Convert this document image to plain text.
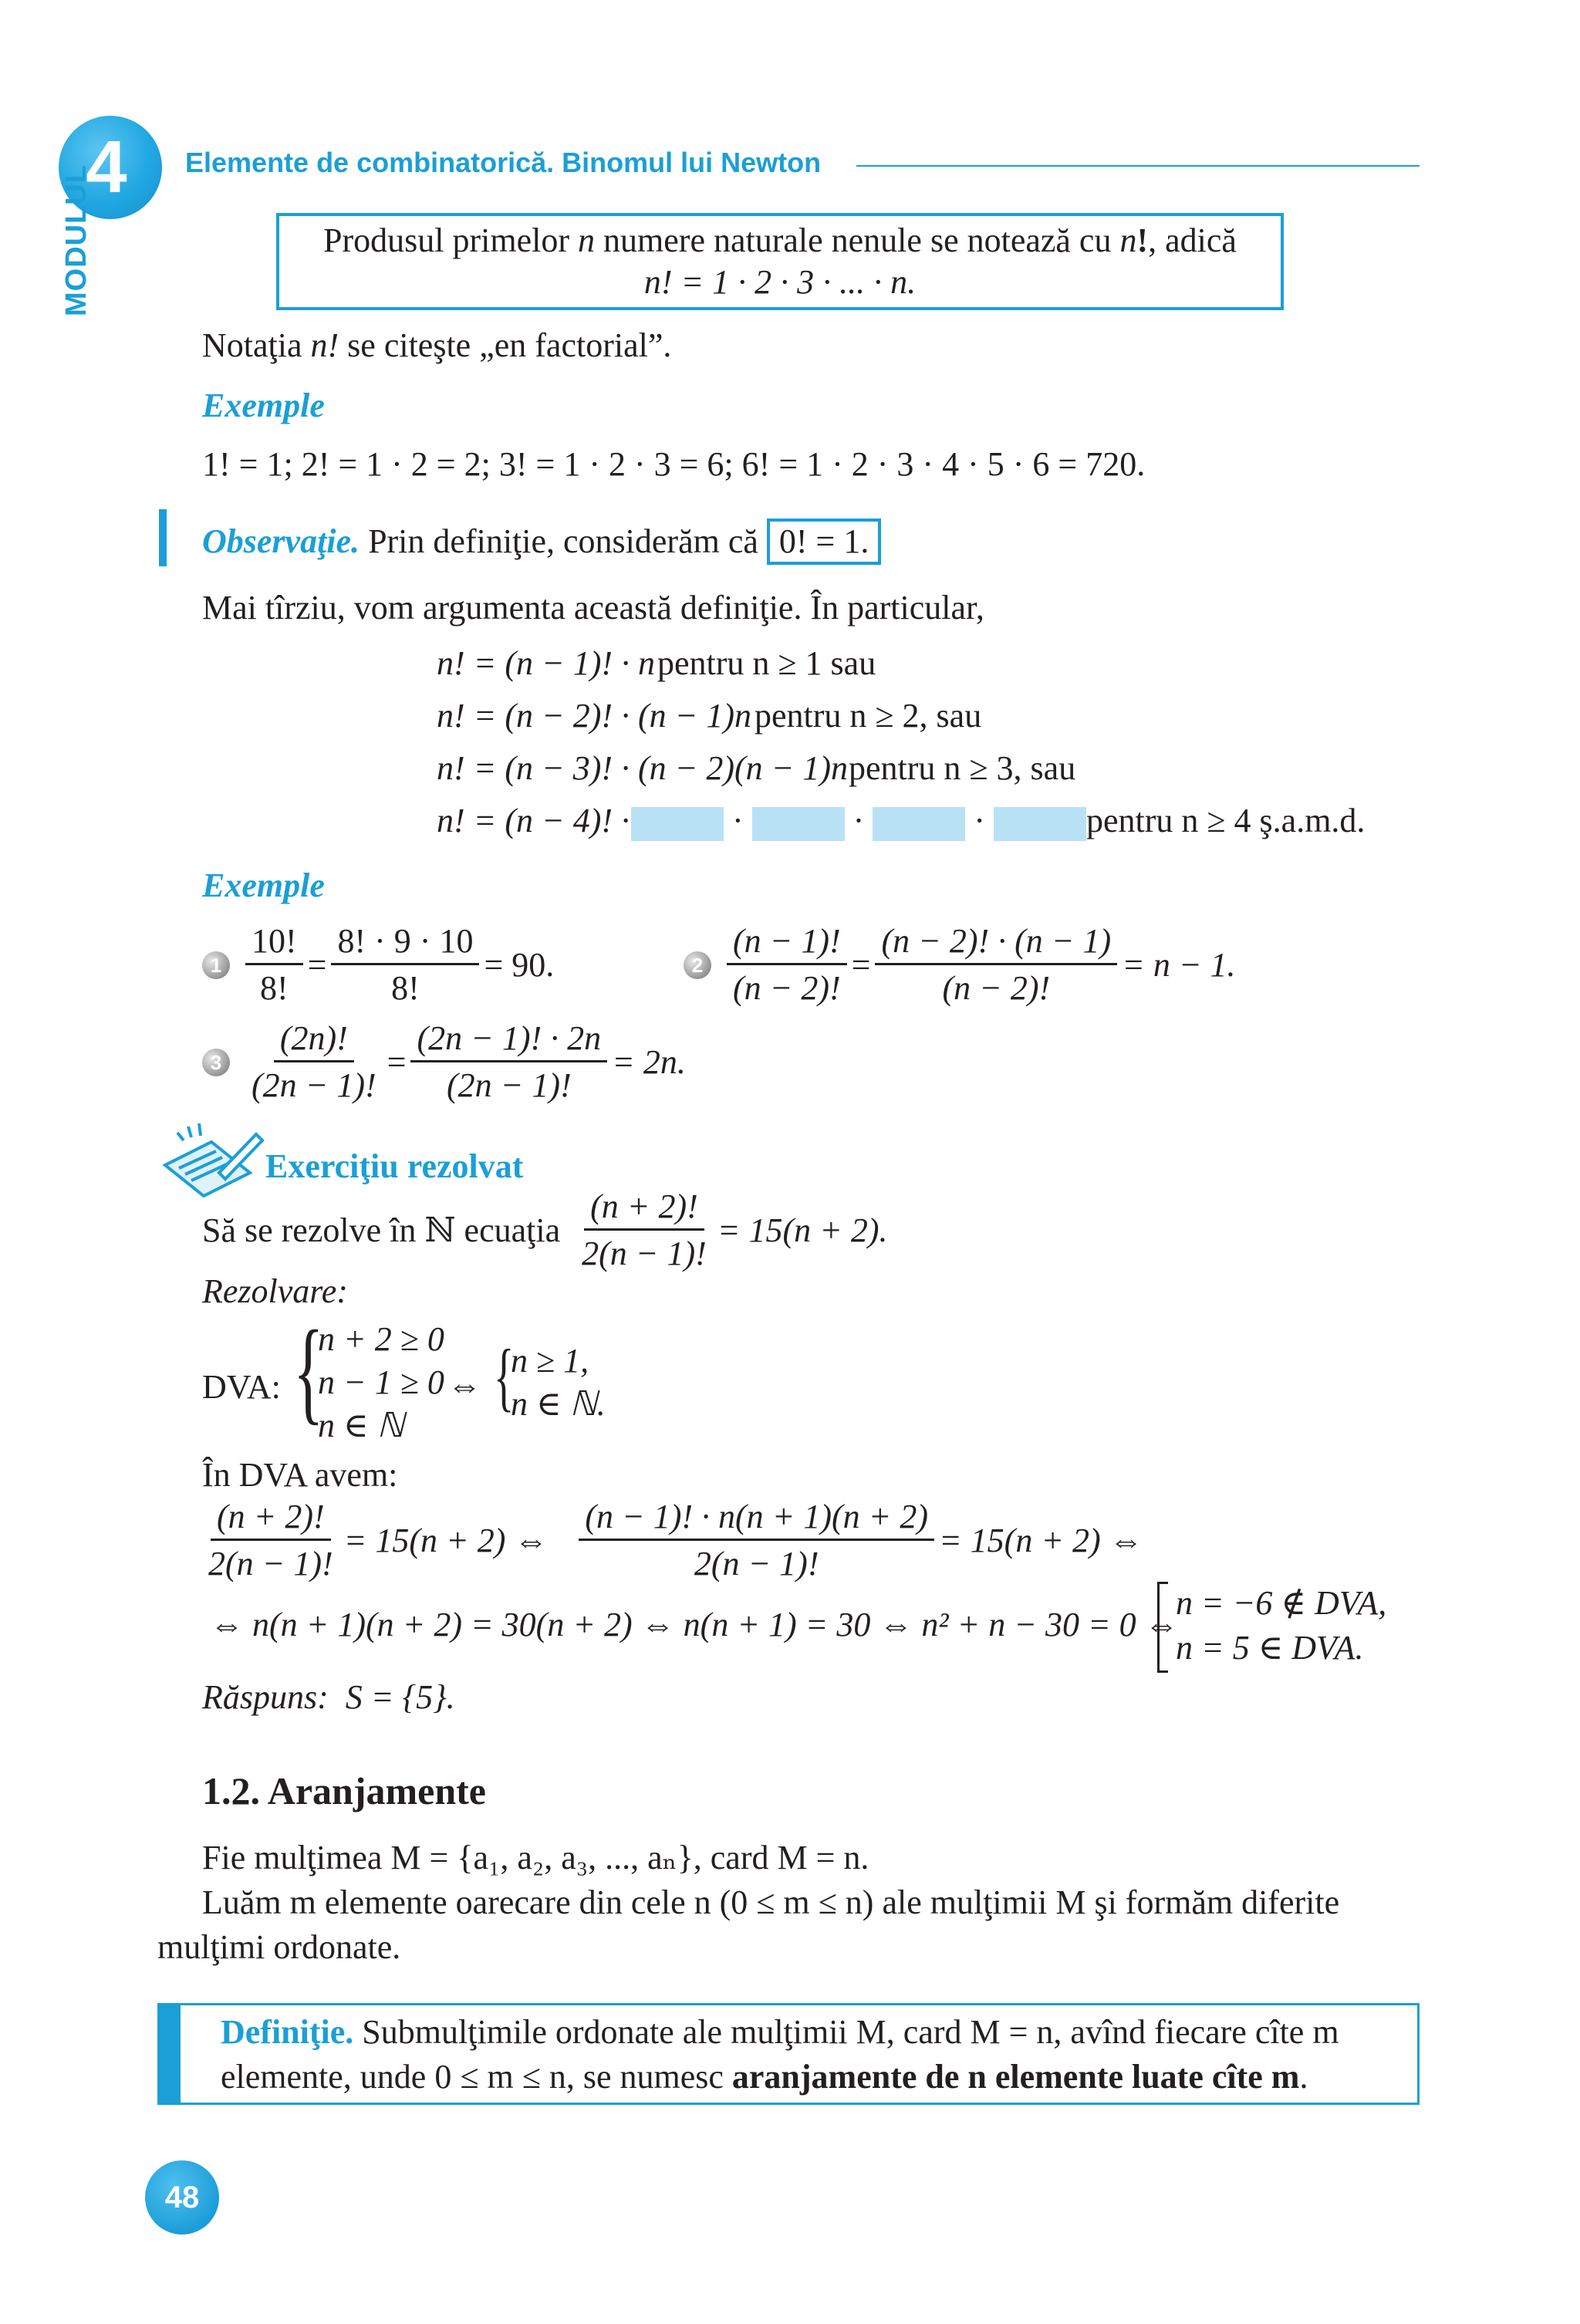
4
MODULUL
Elemente de combinatorică. Binomul lui Newton
Produsul primelor n numere naturale nenule se notează cu n!, adică
n! = 1 · 2 · 3 · ... · n.
Notaţia n! se citeşte „en factorial”.
Exemple
1! = 1; 2! = 1 · 2 = 2; 3! = 1 · 2 · 3 = 6; 6! = 1 · 2 · 3 · 4 · 5 · 6 = 720.
Observaţie. Prin definiţie, considerăm că 0! = 1.
Mai tîrziu, vom argumenta această definiţie. În particular,
n! = (n − 1)! · n pentru n ≥ 1 sau
n! = (n − 2)! · (n − 1)n pentru n ≥ 2, sau
n! = (n − 3)! · (n − 2)(n − 1)n pentru n ≥ 3, sau
n! = (n − 4)! ·	·	·	·	pentru n ≥ 4 ş.a.m.d.
Exemple
$1 \frac{10!}{8!} = \frac{8! \cdot 9 \cdot 10}{8!} = 90$.	$2 \frac{(n - 1)!}{(n - 2)!} = \frac{(n - 2)! \cdot (n - 1)}{(n - 2)!} = n - 1$.
$3 \frac{(2n)!}{(2n - 1)!} = \frac{(2n - 1)! \cdot 2n}{(2n - 1)!} = 2n$.
Exerciţiu rezolvat
Să se rezolve în ℕ ecuaţia $\frac{(n + 2)!}{2(n - 1)!} = 15(n + 2)$.
Rezolvare:
DVA: {
n + 2 ≥ 0
n − 1 ≥ 0
n ∈ ℕ
⇔ {
n ≥ 1,
n ∈ ℕ.
În DVA avem:
$\frac{(n + 2)!}{2(n - 1)!} = 15(n + 2)$ ⇔ $\frac{(n - 1)! \cdot n(n + 1)(n + 2)}{2(n - 1)!} = 15(n + 2)$ ⇔
⇔ n(n + 1)(n + 2) = 30(n + 2) ⇔ n(n + 1) = 30 ⇔ n² + n − 30 = 0 ⇔
n = −6 ∉ DVA,
n = 5 ∈ DVA.
Răspuns: S = {5}.
1.2. Aranjamente
Fie mulţimea M = {a₁, a₂, a₃, ..., aₙ}, card M = n.
Luăm m elemente oarecare din cele n (0 ≤ m ≤ n) ale mulţimii M şi formăm diferite
mulţimi ordonate.
Definiţie. Submulţimile ordonate ale mulţimii M, card M = n, avînd fiecare cîte m
elemente, unde 0 ≤ m ≤ n, se numesc aranjamente de n elemente luate cîte m.
48
